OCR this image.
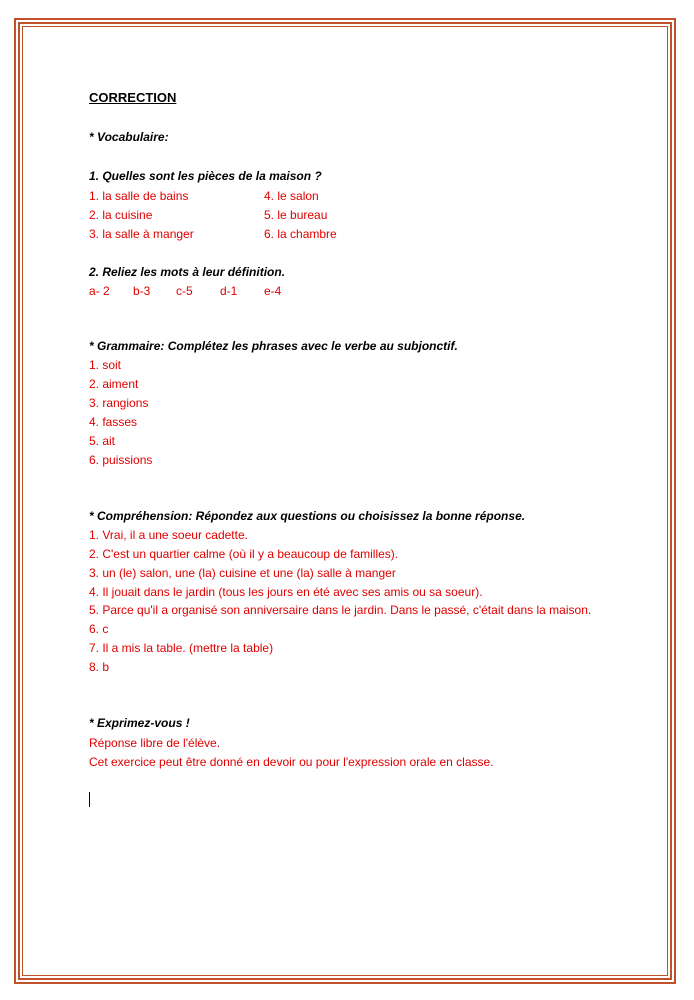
CORRECTION
* Vocabulaire:
1. Quelles sont les pièces de la maison ?
1. la salle de bains	4. le salon
2. la cuisine	5. le bureau
3. la salle à manger	6. la chambre
2. Reliez les mots à leur définition.
a- 2 b-3 c-5 d-1 e-4
* Grammaire: Complétez les phrases avec le verbe au subjonctif.
1. soit
2. aiment
3. rangions
4. fasses
5. ait
6. puissions
* Compréhension: Répondez aux questions ou choisissez la bonne réponse.
1. Vrai, il a une soeur cadette.
2. C'est un quartier calme (où il y a beaucoup de familles).
3. un (le) salon, une (la) cuisine et une (la) salle à manger
4. Il jouait dans le jardin (tous les jours en été avec ses amis ou sa soeur).
5. Parce qu'il a organisé son anniversaire dans le jardin. Dans le passé, c'était dans la maison.
6. c
7. Il a mis la table. (mettre la table)
8. b
* Exprimez-vous !
Réponse libre de l'élève.
Cet exercice peut être donné en devoir ou pour l'expression orale en classe.
